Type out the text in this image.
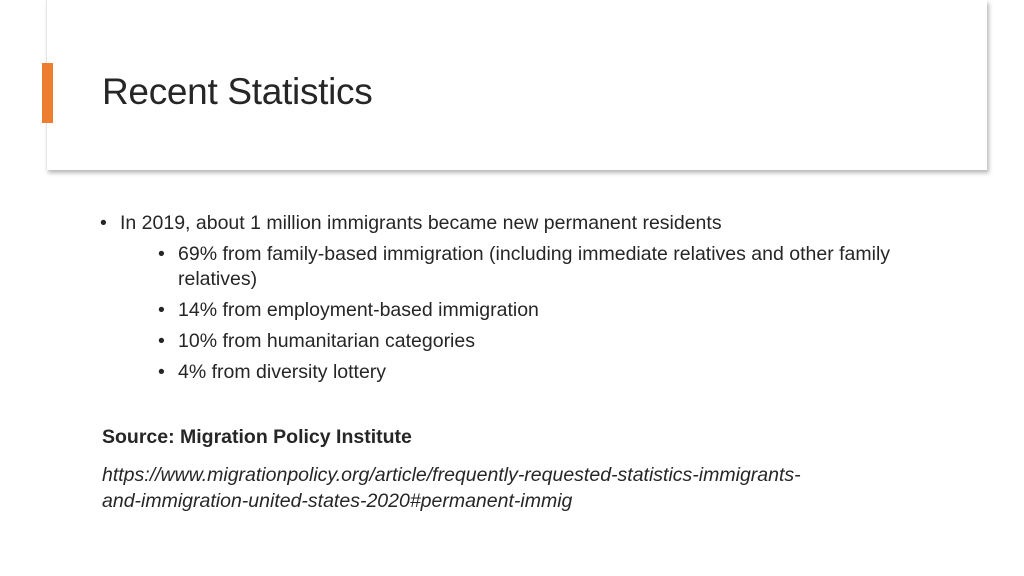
Recent Statistics
• In 2019, about 1 million immigrants became new permanent residents
• 69% from family-based immigration (including immediate relatives and other family relatives)
• 14% from employment-based immigration
• 10% from humanitarian categories
• 4% from diversity lottery
Source: Migration Policy Institute
https://www.migrationpolicy.org/article/frequently-requested-statistics-immigrants-
and-immigration-united-states-2020#permanent-immig
